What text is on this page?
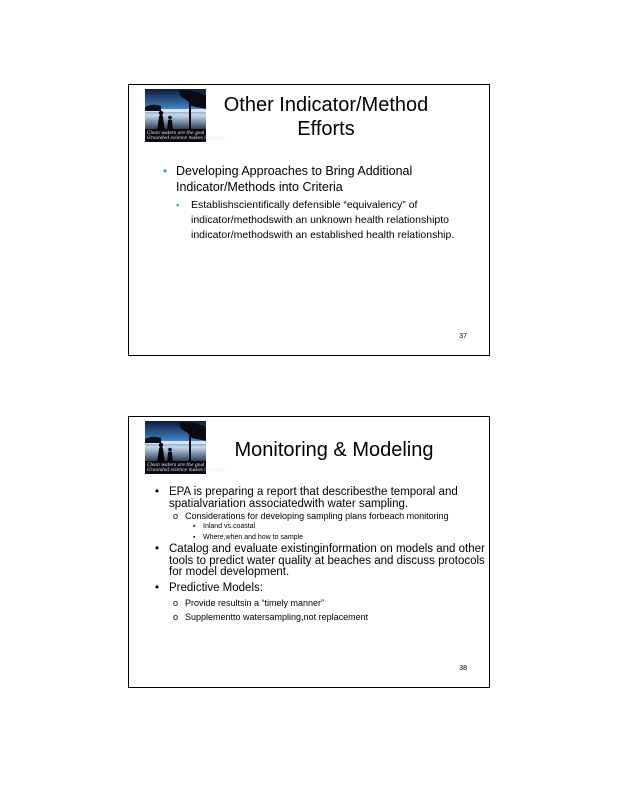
Clean waters are the goal
Grounded science makes it happen
Other Indicator/Method
Efforts
• Developing Approaches to Bring Additional Indicator/Methods into Criteria
▪ Establishscientifically defensible “equivalency” of indicator/methodswith an unknown health relationshipto indicator/methodswith an established health relationship.
37
Clean waters are the goal
Grounded science makes it happen
Monitoring & Modeling
• EPA is preparing a report that describesthe temporal and spatialvariation associatedwith water sampling.
o Considerations for developing sampling plans forbeach monitoring
▪ Inland vs.coastal
▪ Where,when and how to sample
• Catalog and evaluate existinginformation on models and other tools to predict water quality at beaches and discuss protocols for model development.
• Predictive Models:
o Provide resultsin a “timely manner”
o Supplementto watersampling,not replacement
38
